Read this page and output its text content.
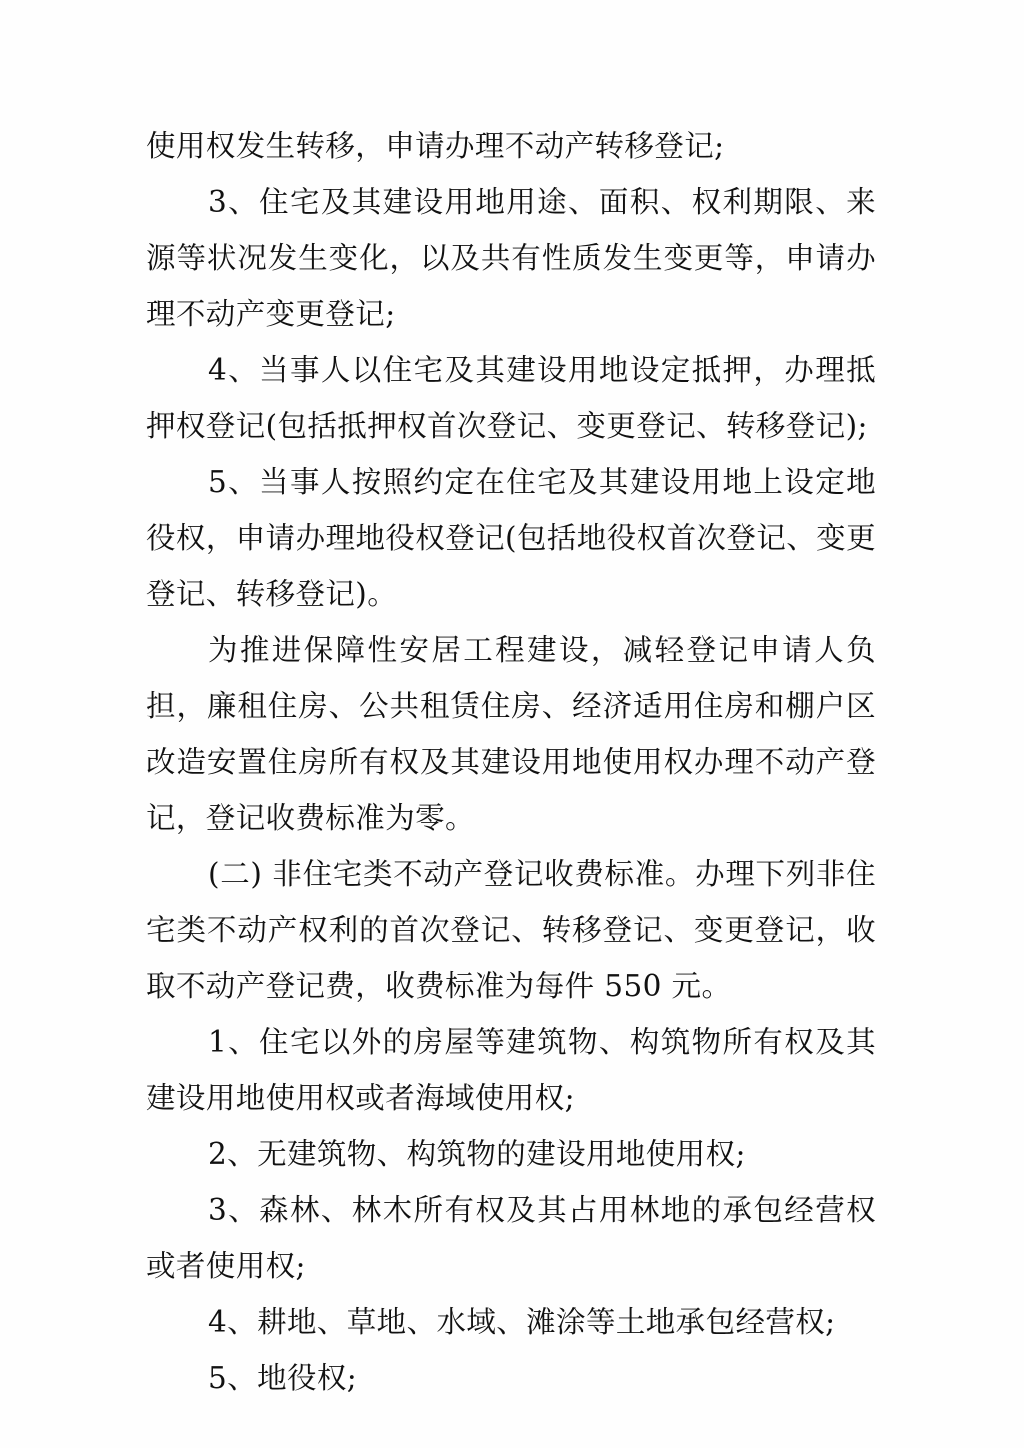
使用权发生转移，申请办理不动产转移登记;

3、住宅及其建设用地用途、面积、权利期限、来源等状况发生变化，以及共有性质发生变更等，申请办理不动产变更登记;

4、当事人以住宅及其建设用地设定抵押，办理抵押权登记(包括抵押权首次登记、变更登记、转移登记);

5、当事人按照约定在住宅及其建设用地上设定地役权，申请办理地役权登记(包括地役权首次登记、变更登记、转移登记)。

为推进保障性安居工程建设，减轻登记申请人负担，廉租住房、公共租赁住房、经济适用住房和棚户区改造安置住房所有权及其建设用地使用权办理不动产登记，登记收费标准为零。

(二) 非住宅类不动产登记收费标准。办理下列非住宅类不动产权利的首次登记、转移登记、变更登记，收取不动产登记费，收费标准为每件 550 元。

1、住宅以外的房屋等建筑物、构筑物所有权及其建设用地使用权或者海域使用权;

2、无建筑物、构筑物的建设用地使用权;

3、森林、林木所有权及其占用林地的承包经营权或者使用权;

4、耕地、草地、水域、滩涂等土地承包经营权;

5、地役权;
